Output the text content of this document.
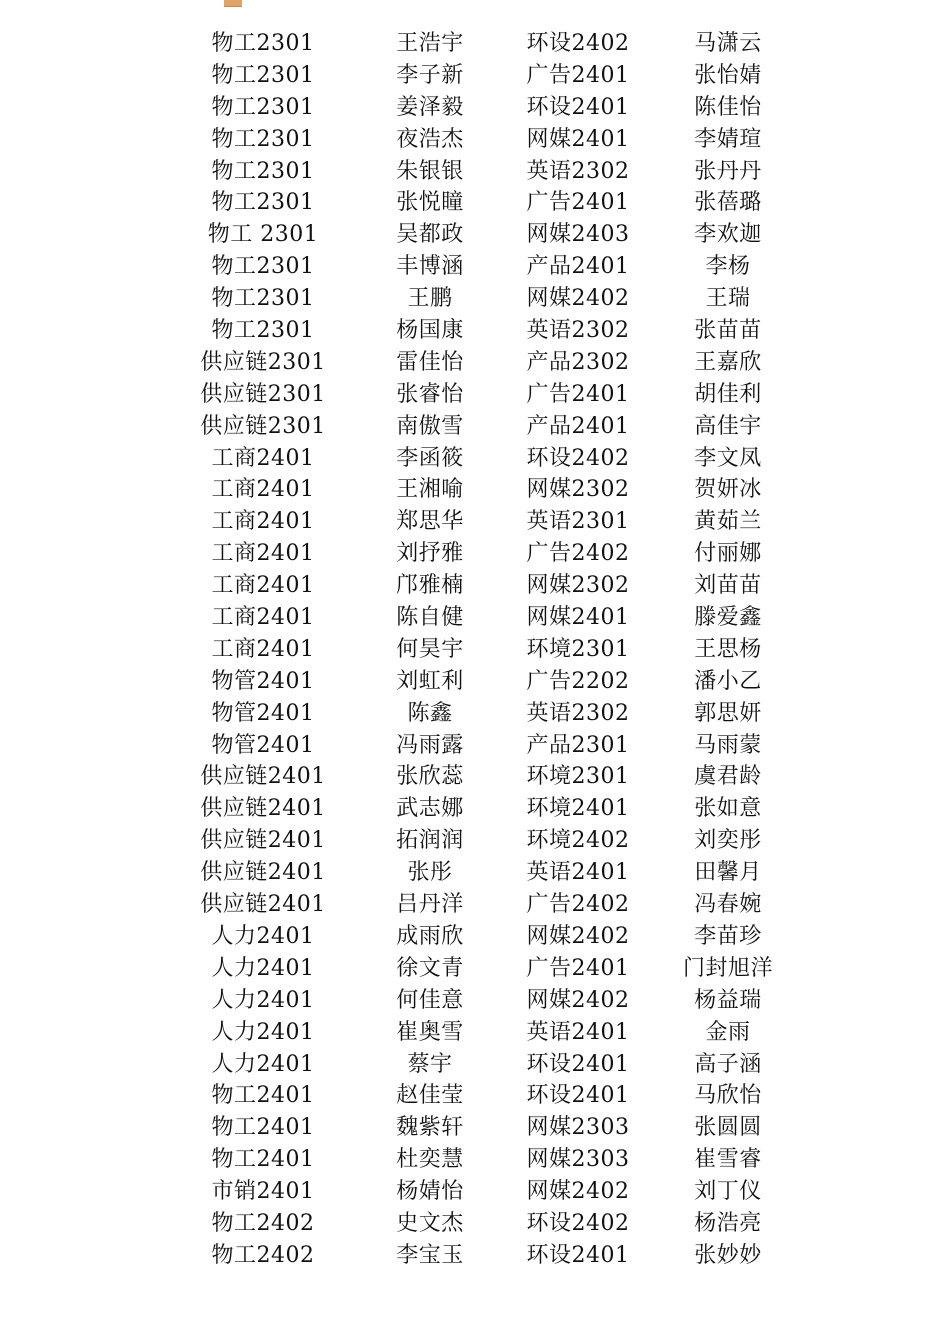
物工2301	王浩宇	环设2402	马潇云
物工2301	李子新	广告2401	张怡婧
物工2301	姜泽毅	环设2401	陈佳怡
物工2301	夜浩杰	网媒2401	李婧瑄
物工2301	朱银银	英语2302	张丹丹
物工2301	张悦瞳	广告2401	张蓓璐
物工 2301	吴都政	网媒2403	李欢迦
物工2301	丰博涵	产品2401	李杨
物工2301	王鹏	网媒2402	王瑞
物工2301	杨国康	英语2302	张苗苗
供应链2301	雷佳怡	产品2302	王嘉欣
供应链2301	张睿怡	广告2401	胡佳利
供应链2301	南傲雪	产品2401	高佳宇
工商2401	李函筱	环设2402	李文凤
工商2401	王湘喻	网媒2302	贺妍冰
工商2401	郑思华	英语2301	黄茹兰
工商2401	刘抒雅	广告2402	付丽娜
工商2401	邝雅楠	网媒2302	刘苗苗
工商2401	陈自健	网媒2401	滕爱鑫
工商2401	何昊宇	环境2301	王思杨
物管2401	刘虹利	广告2202	潘小乙
物管2401	陈鑫	英语2302	郭思妍
物管2401	冯雨露	产品2301	马雨蒙
供应链2401	张欣蕊	环境2301	虞君龄
供应链2401	武志娜	环境2401	张如意
供应链2401	拓润润	环境2402	刘奕彤
供应链2401	张彤	英语2401	田馨月
供应链2401	吕丹洋	广告2402	冯春婉
人力2401	成雨欣	网媒2402	李苗珍
人力2401	徐文青	广告2401	门封旭洋
人力2401	何佳意	网媒2402	杨益瑞
人力2401	崔奥雪	英语2401	金雨
人力2401	蔡宇	环设2401	高子涵
物工2401	赵佳莹	环设2401	马欣怡
物工2401	魏紫轩	网媒2303	张圆圆
物工2401	杜奕慧	网媒2303	崔雪睿
市销2401	杨婧怡	网媒2402	刘丁仪
物工2402	史文杰	环设2402	杨浩亮
物工2402	李宝玉	环设2401	张妙妙
